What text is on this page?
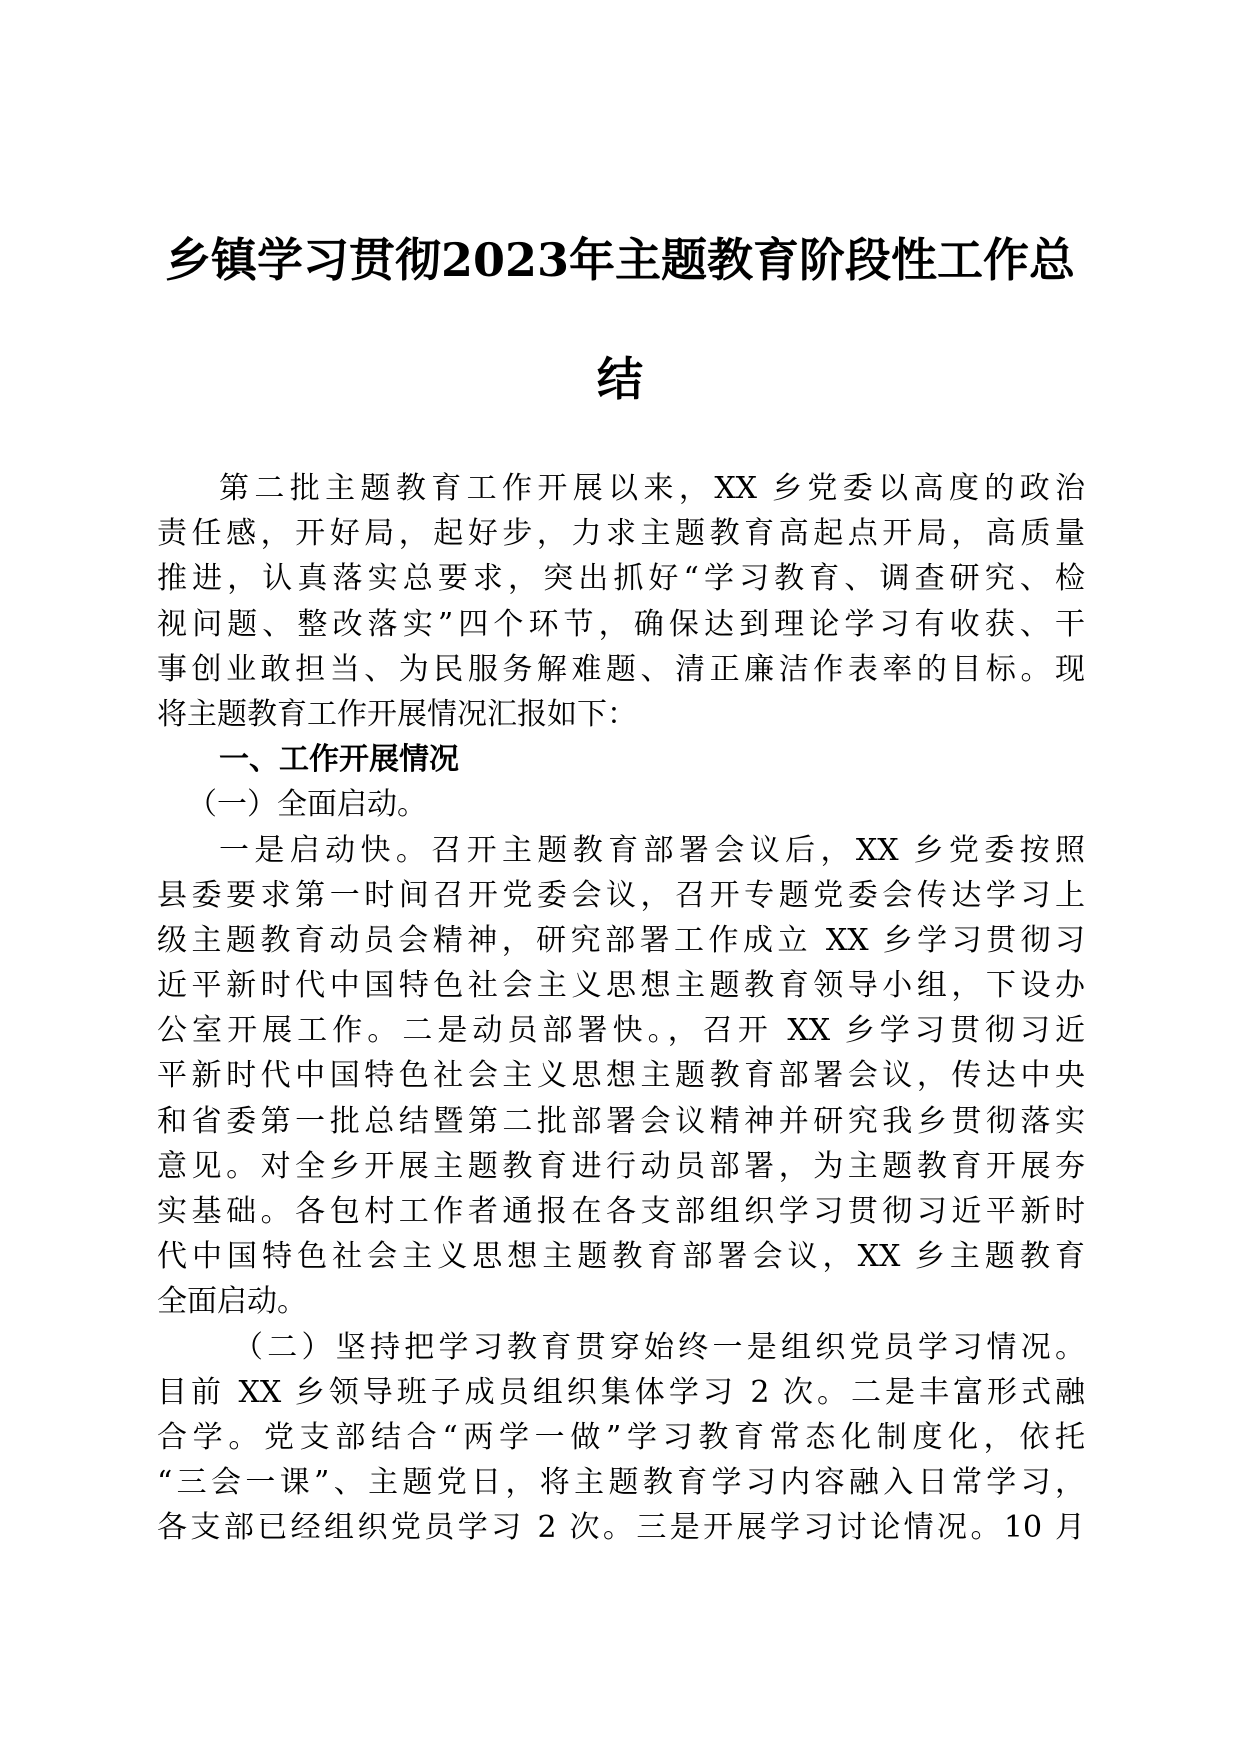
乡镇学习贯彻2023年主题教育阶段性工作总
结
第二批主题教育工作开展以来，XX 乡党委以高度的政治
责任感，开好局，起好步，力求主题教育高起点开局，高质量
推进，认真落实总要求，突出抓好“学习教育、调查研究、检
视问题、整改落实”四个环节，确保达到理论学习有收获、干
事创业敢担当、为民服务解难题、清正廉洁作表率的目标。现
将主题教育工作开展情况汇报如下：
一、工作开展情况
（一）全面启动。
一是启动快。召开主题教育部署会议后，XX 乡党委按照
县委要求第一时间召开党委会议，召开专题党委会传达学习上
级主题教育动员会精神，研究部署工作成立 XX 乡学习贯彻习
近平新时代中国特色社会主义思想主题教育领导小组，下设办
公室开展工作。二是动员部署快。，召开 XX 乡学习贯彻习近
平新时代中国特色社会主义思想主题教育部署会议，传达中央
和省委第一批总结暨第二批部署会议精神并研究我乡贯彻落实
意见。对全乡开展主题教育进行动员部署，为主题教育开展夯
实基础。各包村工作者通报在各支部组织学习贯彻习近平新时
代中国特色社会主义思想主题教育部署会议，XX 乡主题教育
全面启动。
（二）坚持把学习教育贯穿始终一是组织党员学习情况。
目前 XX 乡领导班子成员组织集体学习 2 次。二是丰富形式融
合学。党支部结合“两学一做”学习教育常态化制度化，依托
“三会一课”、主题党日，将主题教育学习内容融入日常学习，
各支部已经组织党员学习 2 次。三是开展学习讨论情况。10 月
